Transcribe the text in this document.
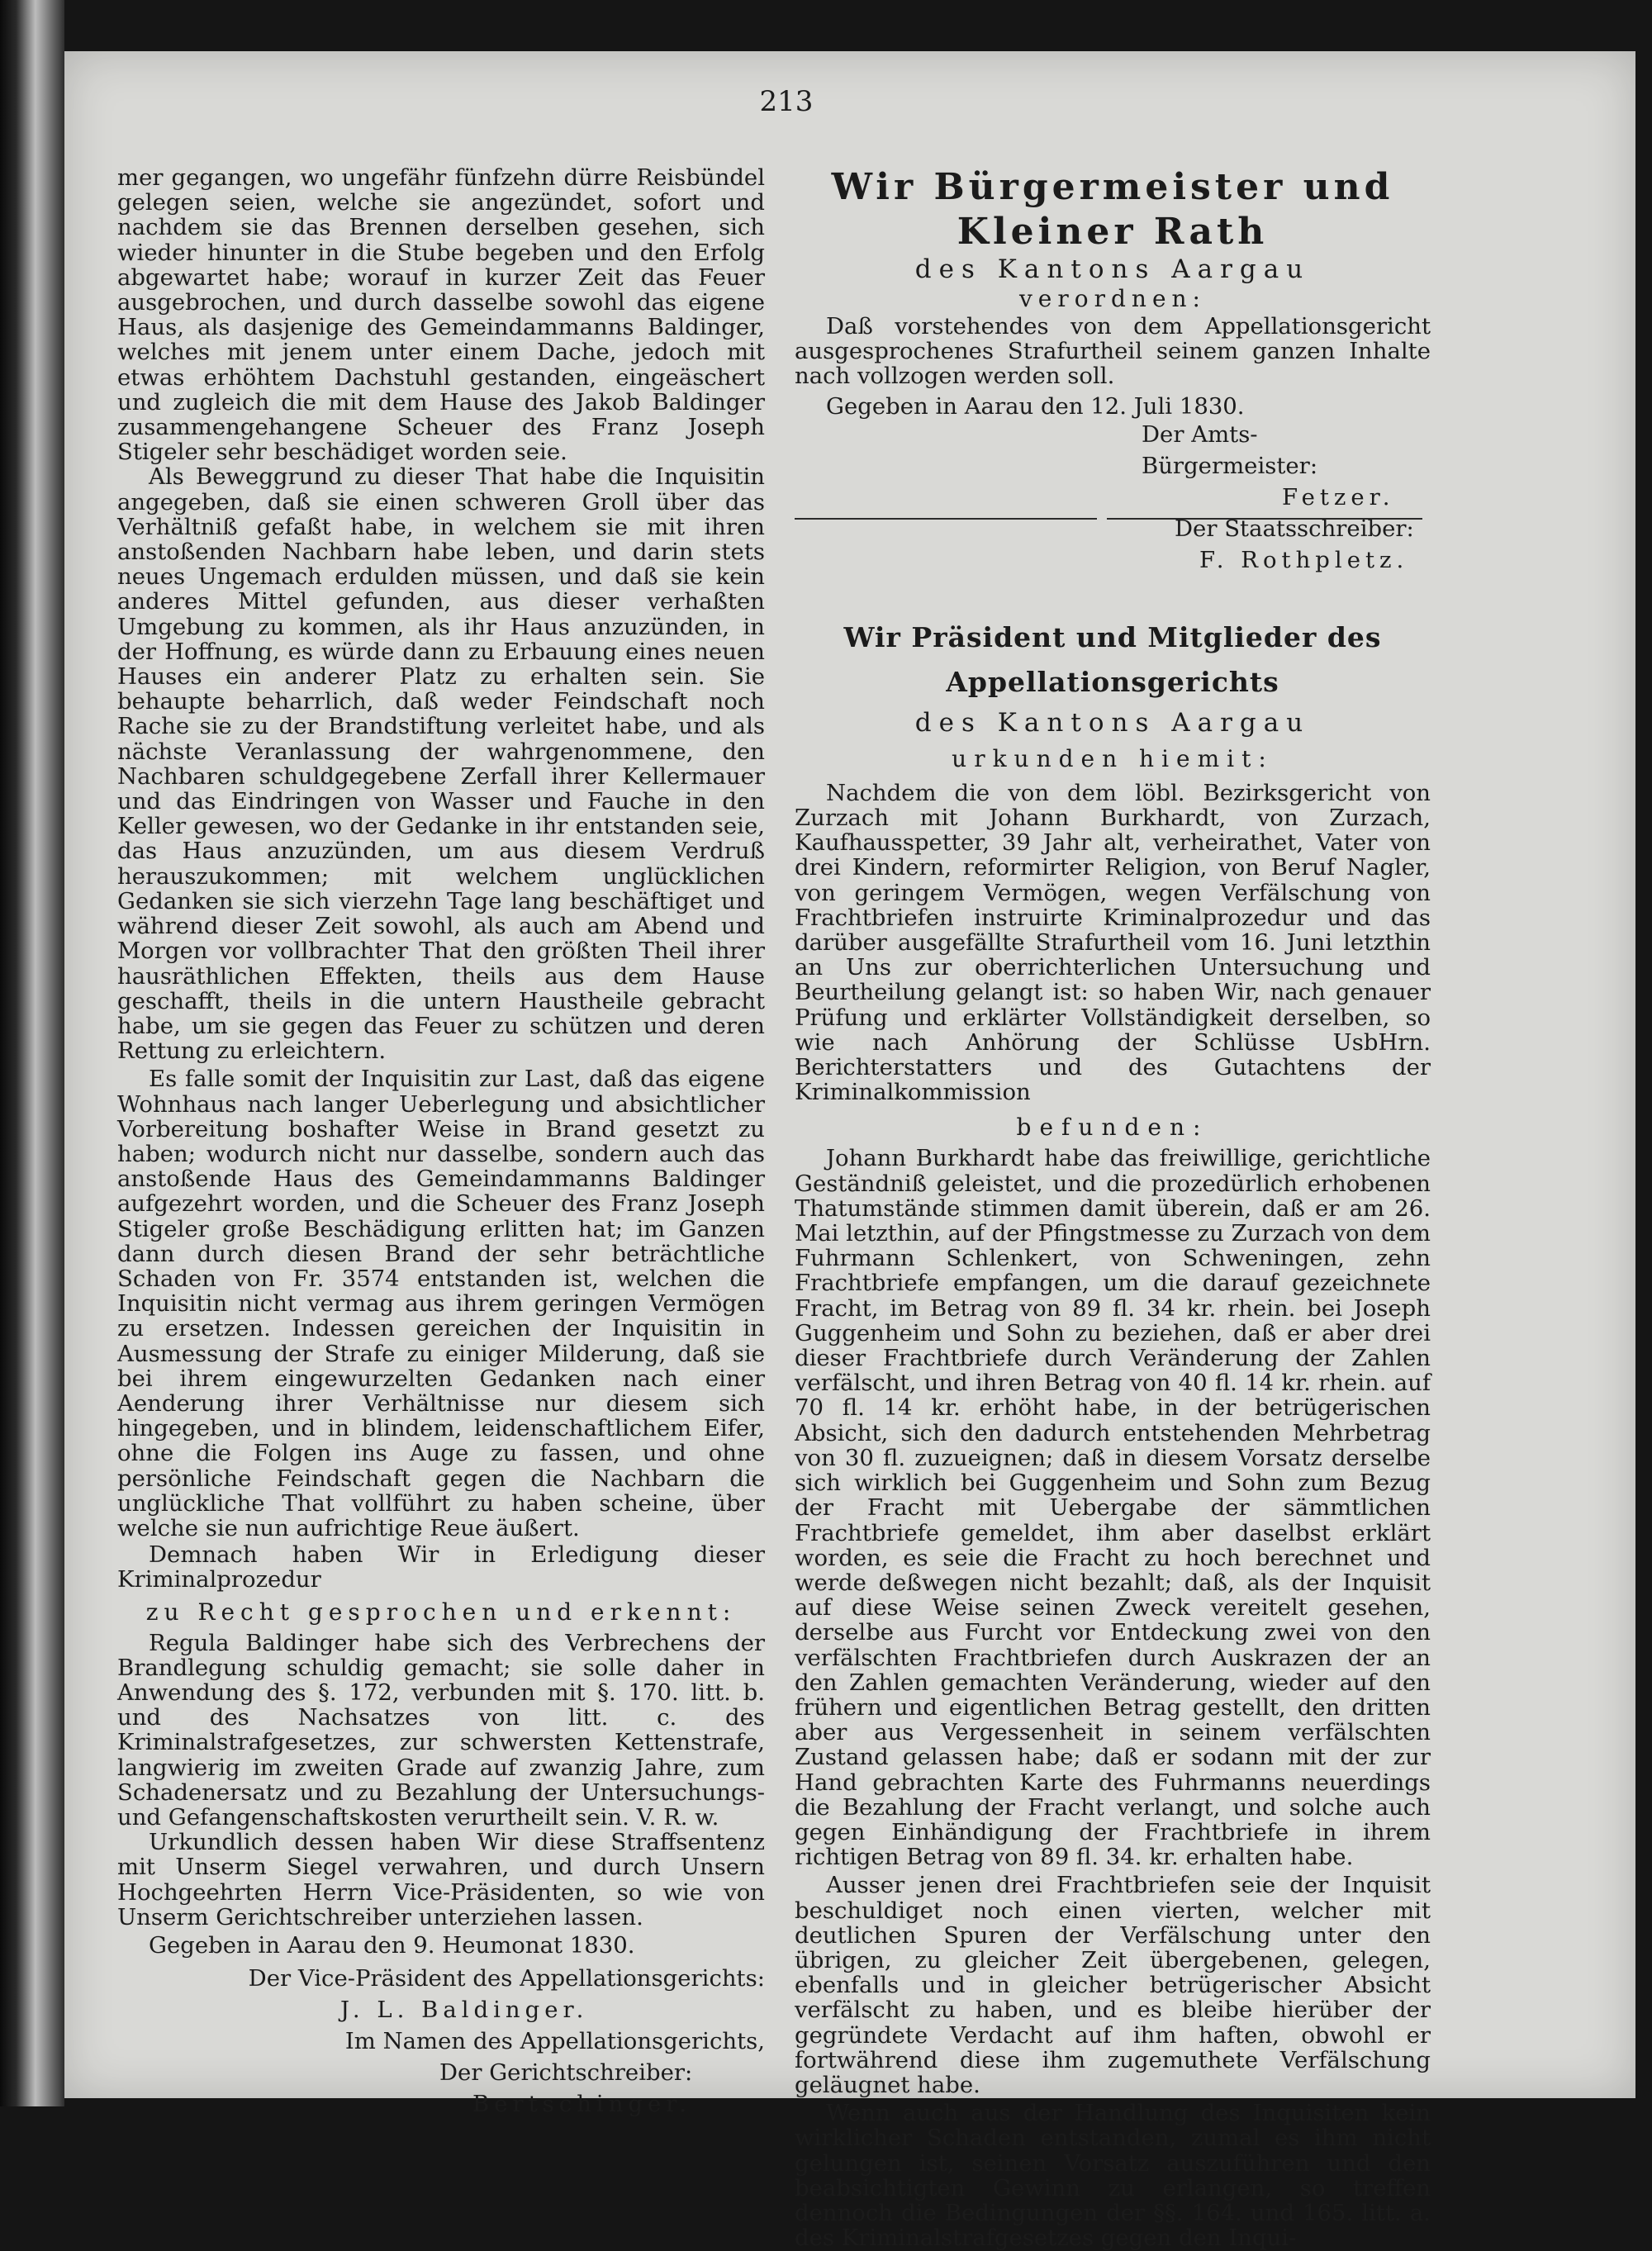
213

mer gegangen, wo ungefähr fünfzehn dürre Reisbündel gelegen seien, welche sie angezündet, sofort und nachdem sie das Brennen derselben gesehen, sich wieder hinunter in die Stube begeben und den Erfolg abgewartet habe; worauf in kurzer Zeit das Feuer ausgebrochen, und durch dasselbe sowohl das eigene Haus, als dasjenige des Gemeindammanns Baldinger, welches mit jenem unter einem Dache, jedoch mit etwas erhöhtem Dachstuhl gestanden, eingeäschert und zugleich die mit dem Hause des Jakob Baldinger zusammengehangene Scheuer des Franz Joseph Stigeler sehr beschädiget worden seie.

Als Beweggrund zu dieser That habe die Inquisitin angegeben, daß sie einen schweren Groll über das Verhältniß gefaßt habe, in welchem sie mit ihren anstoßenden Nachbarn habe leben, und darin stets neues Ungemach erdulden müssen, und daß sie kein anderes Mittel gefunden, aus dieser verhaßten Umgebung zu kommen, als ihr Haus anzuzünden, in der Hoffnung, es würde dann zu Erbauung eines neuen Hauses ein anderer Platz zu erhalten sein. Sie behaupte beharrlich, daß weder Feindschaft noch Rache sie zu der Brandstiftung verleitet habe, und als nächste Veranlassung der wahrgenommene, den Nachbaren schuldgegebene Zerfall ihrer Kellermauer und das Eindringen von Wasser und Fauche in den Keller gewesen, wo der Gedanke in ihr entstanden seie, das Haus anzuzünden, um aus diesem Verdruß herauszukommen; mit welchem unglücklichen Gedanken sie sich vierzehn Tage lang beschäftiget und während dieser Zeit sowohl, als auch am Abend und Morgen vor vollbrachter That den größten Theil ihrer hausräthlichen Effekten, theils aus dem Hause geschafft, theils in die untern Haustheile gebracht habe, um sie gegen das Feuer zu schützen und deren Rettung zu erleichtern.

Es falle somit der Inquisitin zur Last, daß das eigene Wohnhaus nach langer Ueberlegung und absichtlicher Vorbereitung boshafter Weise in Brand gesetzt zu haben; wodurch nicht nur dasselbe, sondern auch das anstoßende Haus des Gemeindammanns Baldinger aufgezehrt worden, und die Scheuer des Franz Joseph Stigeler große Beschädigung erlitten hat; im Ganzen dann durch diesen Brand der sehr beträchtliche Schaden von Fr. 3574 entstanden ist, welchen die Inquisitin nicht vermag aus ihrem geringen Vermögen zu ersetzen. Indessen gereichen der Inquisitin in Ausmessung der Strafe zu einiger Milderung, daß sie bei ihrem eingewurzelten Gedanken nach einer Aenderung ihrer Verhältnisse nur diesem sich hingegeben, und in blindem, leidenschaftlichem Eifer, ohne die Folgen ins Auge zu fassen, und ohne persönliche Feindschaft gegen die Nachbarn die unglückliche That vollführt zu haben scheine, über welche sie nun aufrichtige Reue äußert.

Demnach haben Wir in Erledigung dieser Kriminalprozedur

zu Recht gesprochen und erkennt:

Regula Baldinger habe sich des Verbrechens der Brandlegung schuldig gemacht; sie solle daher in Anwendung des §. 172, verbunden mit §. 170. litt. b. und des Nachsatzes von litt. c. des Kriminalstrafgesetzes, zur schwersten Kettenstrafe, langwierig im zweiten Grade auf zwanzig Jahre, zum Schadenersatz und zu Bezahlung der Untersuchungs- und Gefangenschaftskosten verurtheilt sein. V. R. w.

Urkundlich dessen haben Wir diese Straffsentenz mit Unserm Siegel verwahren, und durch Unsern Hochgeehrten Herrn Vice-Präsidenten, so wie von Unserm Gerichtschreiber unterziehen lassen.

Gegeben in Aarau den 9. Heumonat 1830.

Der Vice-Präsident des Appellationsgerichts:

J. L. Baldinger.

Im Namen des Appellationsgerichts,

Der Gerichtschreiber:

Bertschinger.

Wir Bürgermeister und Kleiner Rath
des Kantons Aargau
verordnen:

Daß vorstehendes von dem Appellationsgericht ausgesprochenes Strafurtheil seinem ganzen Inhalte nach vollzogen werden soll.

Gegeben in Aarau den 12. Juli 1830.

Der Amts-Bürgermeister:

Fetzer.

Der Staatsschreiber:

F. Rothpletz.

Wir Präsident und Mitglieder des Appellationsgerichts
des Kantons Aargau
urkunden hiemit:

Nachdem die von dem löbl. Bezirksgericht von Zurzach mit Johann Burkhardt, von Zurzach, Kaufhausspetter, 39 Jahr alt, verheirathet, Vater von drei Kindern, reformirter Religion, von Beruf Nagler, von geringem Vermögen, wegen Verfälschung von Frachtbriefen instruirte Kriminalprozedur und das darüber ausgefällte Strafurtheil vom 16. Juni letzthin an Uns zur oberrichterlichen Untersuchung und Beurtheilung gelangt ist: so haben Wir, nach genauer Prüfung und erklärter Vollständigkeit derselben, so wie nach Anhörung der Schlüsse UsbHrn. Berichterstatters und des Gutachtens der Kriminalkommission

befunden:

Johann Burkhardt habe das freiwillige, gerichtliche Geständniß geleistet, und die prozedürlich erhobenen Thatumstände stimmen damit überein, daß er am 26. Mai letzthin, auf der Pfingstmesse zu Zurzach von dem Fuhrmann Schlenkert, von Schweningen, zehn Frachtbriefe empfangen, um die darauf gezeichnete Fracht, im Betrag von 89 fl. 34 kr. rhein. bei Joseph Guggenheim und Sohn zu beziehen, daß er aber drei dieser Frachtbriefe durch Veränderung der Zahlen verfälscht, und ihren Betrag von 40 fl. 14 kr. rhein. auf 70 fl. 14 kr. erhöht habe, in der betrügerischen Absicht, sich den dadurch entstehenden Mehrbetrag von 30 fl. zuzueignen; daß in diesem Vorsatz derselbe sich wirklich bei Guggenheim und Sohn zum Bezug der Fracht mit Uebergabe der sämmtlichen Frachtbriefe gemeldet, ihm aber daselbst erklärt worden, es seie die Fracht zu hoch berechnet und werde deßwegen nicht bezahlt; daß, als der Inquisit auf diese Weise seinen Zweck vereitelt gesehen, derselbe aus Furcht vor Entdeckung zwei von den verfälschten Frachtbriefen durch Auskrazen der an den Zahlen gemachten Veränderung, wieder auf den frühern und eigentlichen Betrag gestellt, den dritten aber aus Vergessenheit in seinem verfälschten Zustand gelassen habe; daß er sodann mit der zur Hand gebrachten Karte des Fuhrmanns neuerdings die Bezahlung der Fracht verlangt, und solche auch gegen Einhändigung der Frachtbriefe in ihrem richtigen Betrag von 89 fl. 34. kr. erhalten habe.

Ausser jenen drei Frachtbriefen seie der Inquisit beschuldiget noch einen vierten, welcher mit deutlichen Spuren der Verfälschung unter den übrigen, zu gleicher Zeit übergebenen, gelegen, ebenfalls und in gleicher betrügerischer Absicht verfälscht zu haben, und es bleibe hierüber der gegründete Verdacht auf ihm haften, obwohl er fortwährend diese ihm zugemuthete Verfälschung geläugnet habe.

Wenn auch aus der Handlung des Inquisiten kein wirklicher Schaden entstanden, zumal es ihm nicht gelungen ist, seinen Vorsatz auszuführen und den beabsichtigten Gewinn zu erlangen, so treffen dennoch die Bedingungen der §§. 164. und 165. litt. a. des Kriminalstrafgesetzes gegen den Inqui-
